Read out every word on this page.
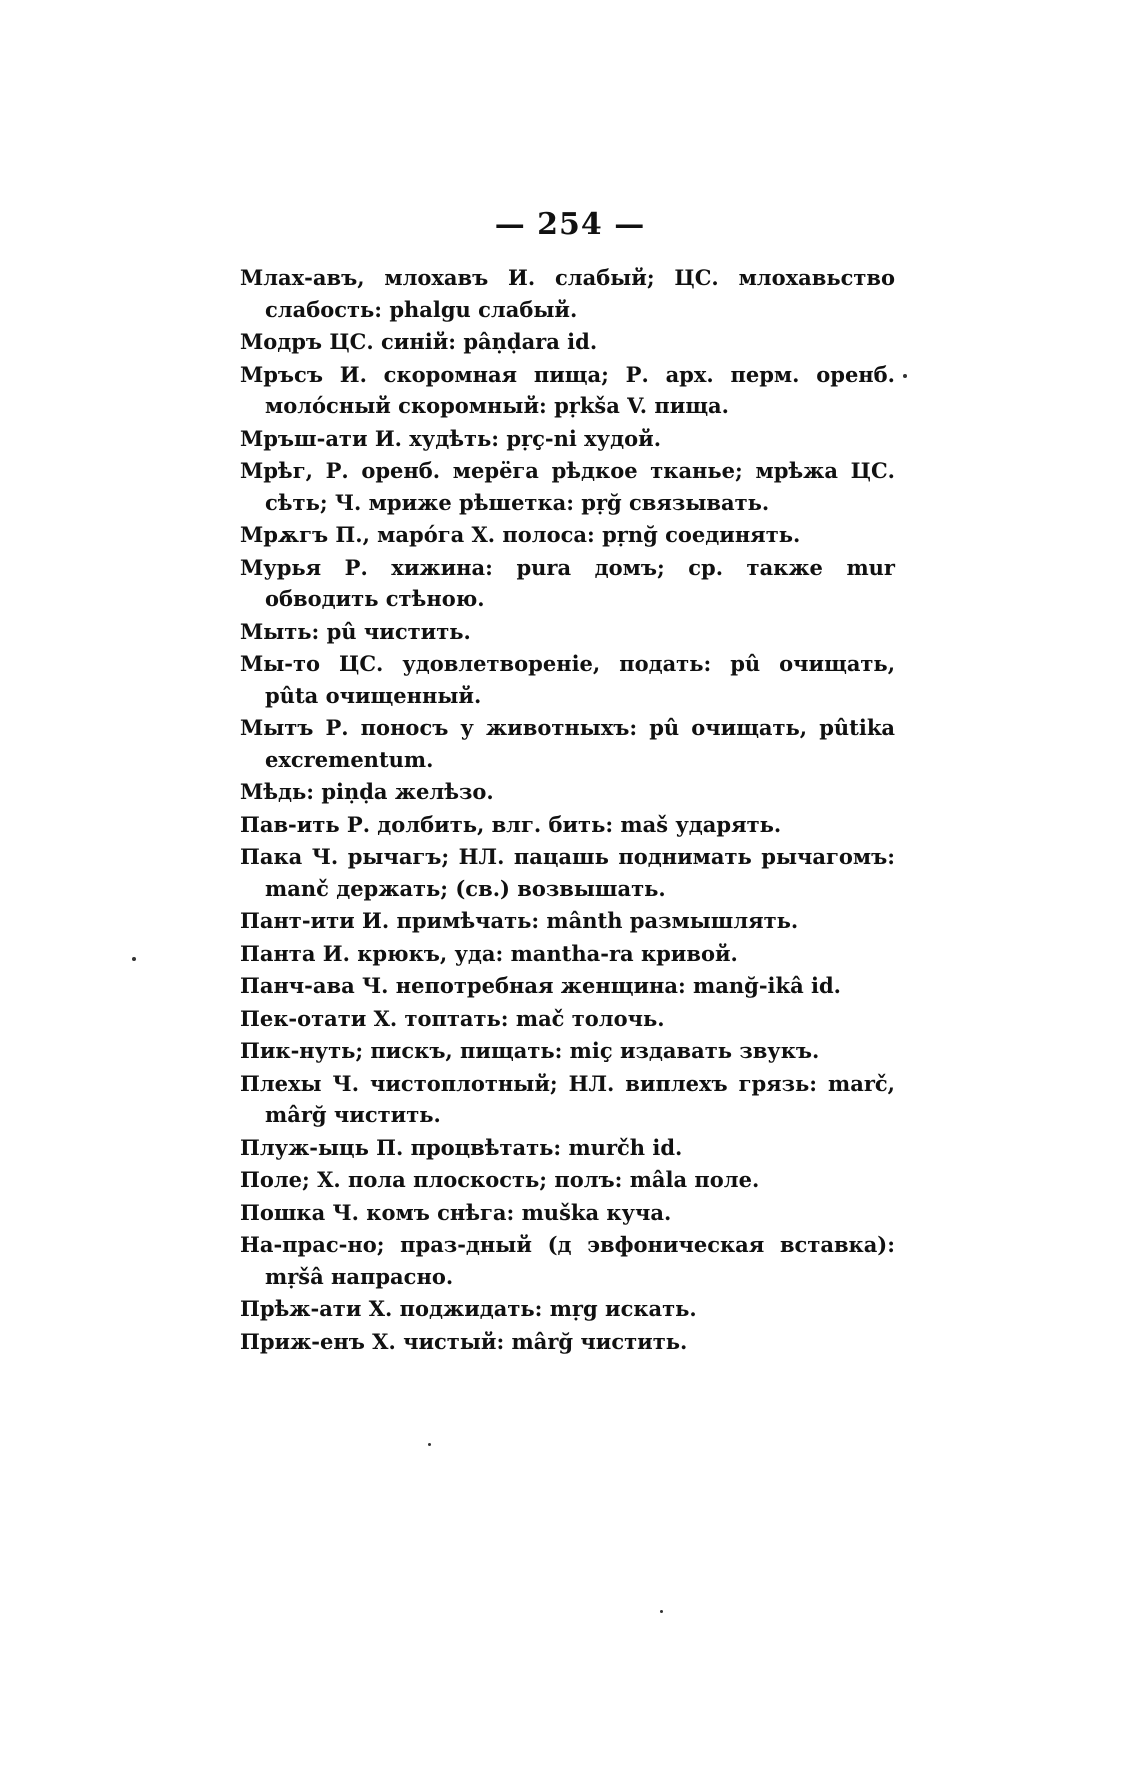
— 254 —

Млах-авъ, млохавъ И. слабый; ЦС. млохавьство слабость: phalgu слабый.

Модръ ЦС. синій: pâṇḍara id.

Мръсъ И. скоромная пища; Р. арх. перм. оренб. молóсный скоромный: pṛkša V. пища.

Мръш-ати И. худѣть: pṛç-ni худой.

Мрѣг, Р. оренб. мерёга рѣдкое тканье; мрѣжа ЦС. сѣть; Ч. мриже рѣшетка: pṛğ связывать.

Мрѫгъ П., марóга Х. полоса: pṛnğ соединять.

Мурья Р. хижина: pura домъ; ср. также mur обводить стѣною.

Мыть: pû чистить.

Мы-то ЦС. удовлетвореніе, подать: pû очищать, pûta очищенный.

Мытъ Р. поносъ у животныхъ: pû очищать, pûtika excrementum.

Мѣдь: piṇḍa желѣзо.

Пав-ить Р. долбить, влг. бить: maš ударять.

Пака Ч. рычагъ; НЛ. пацашь поднимать рычагомъ: manč держать; (св.) возвышать.

Пант-ити И. примѣчать: mânth размышлять.

Панта И. крюкъ, уда: mantha-ra кривой.

Панч-ава Ч. непотребная женщина: manğ-ikâ id.

Пек-отати Х. топтать: mač толочь.

Пик-нуть; пискъ, пищать: miç издавать звукъ.

Плехы Ч. чистоплотный; НЛ. виплехъ грязь: marč, mârğ чистить.

Плуж-ыць П. процвѣтать: murčh id.

Поле; Х. пола плоскость; полъ: mâla поле.

Пошка Ч. комъ снѣга: muška куча.

На-прас-но; праз-дный (д эвфоническая вставка): mṛšâ напрасно.

Прѣж-ати Х. поджидать: mṛg искать.

Приж-енъ Х. чистый: mârğ чистить.
